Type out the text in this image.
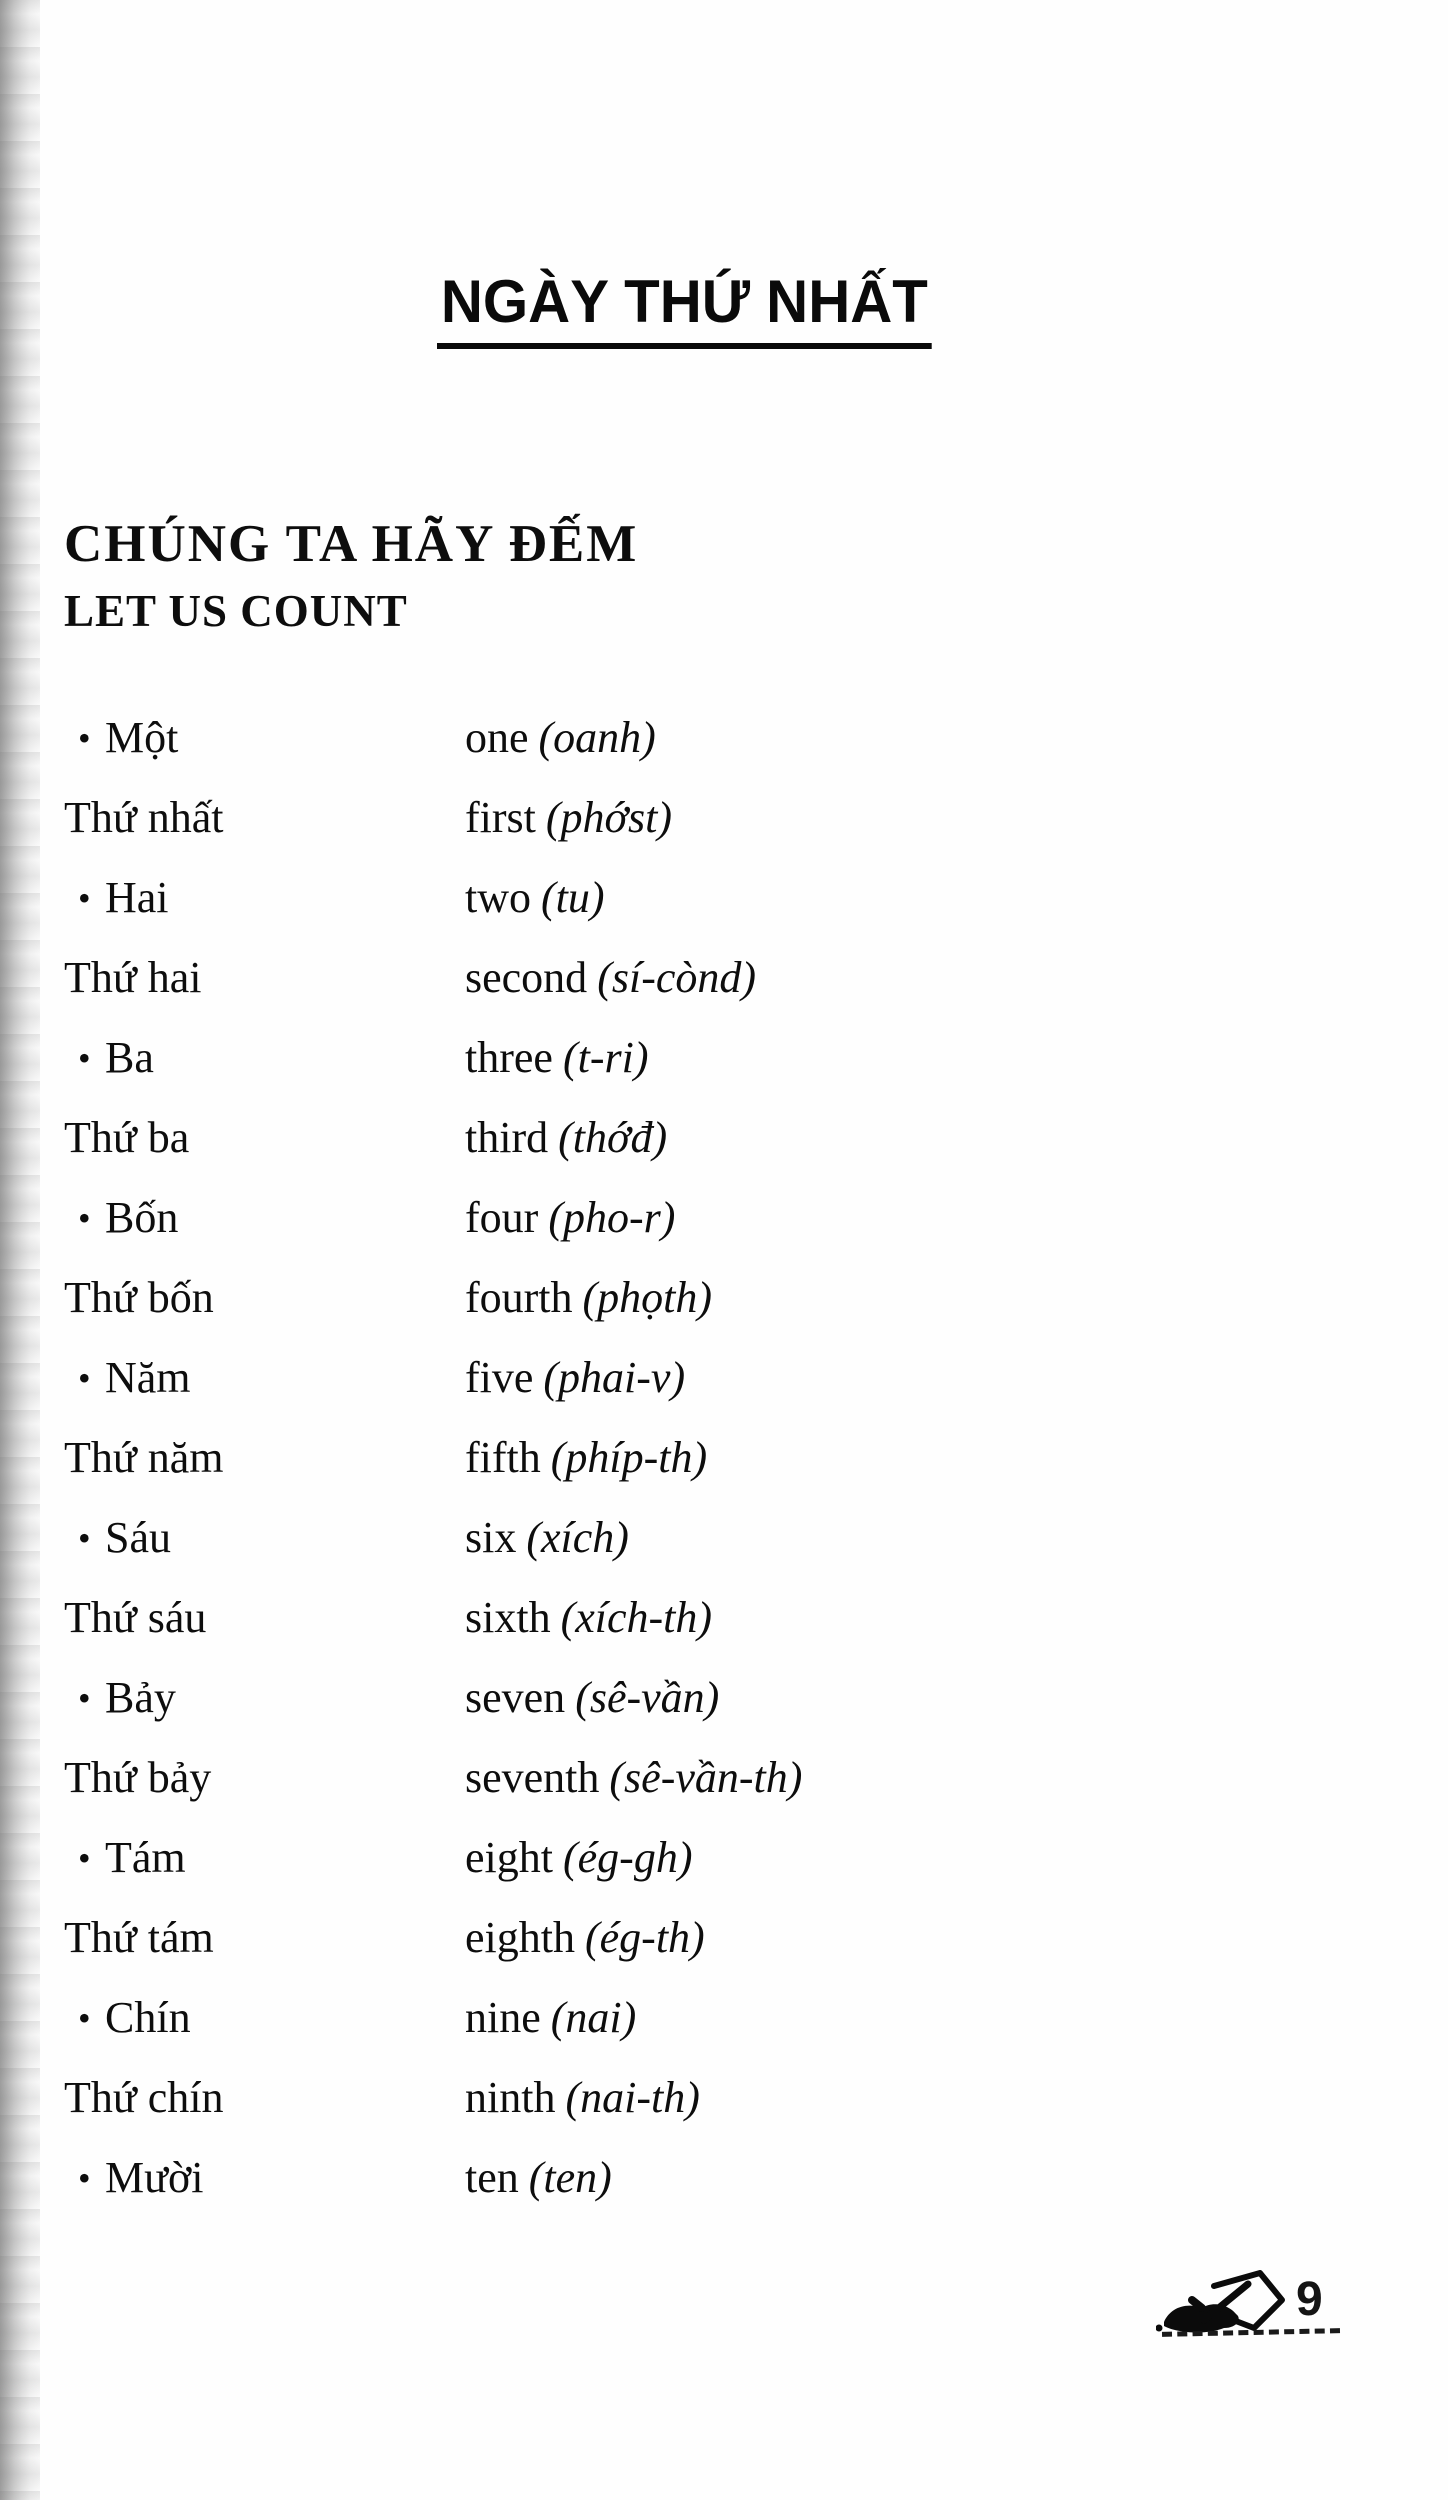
NGÀY THỨ NHẤT
CHÚNG TA HÃY ĐẾM
LET US COUNT
• Một	one (oanh)
Thứ nhất	first (phớst)
• Hai	two (tu)
Thứ hai	second (sí-cònd)
• Ba	three (t-ri)
Thứ ba	third (thớđ)
• Bốn	four (pho-r)
Thứ bốn	fourth (phọth)
• Năm	five (phai-v)
Thứ năm	fifth (phíp-th)
• Sáu	six (xích)
Thứ sáu	sixth (xích-th)
• Bảy	seven (sê-vần)
Thứ bảy	seventh (sê-vần-th)
• Tám	eight (ég-gh)
Thứ tám	eighth (ég-th)
• Chín	nine (nai)
Thứ chín	ninth (nai-th)
• Mười	ten (ten)
9
